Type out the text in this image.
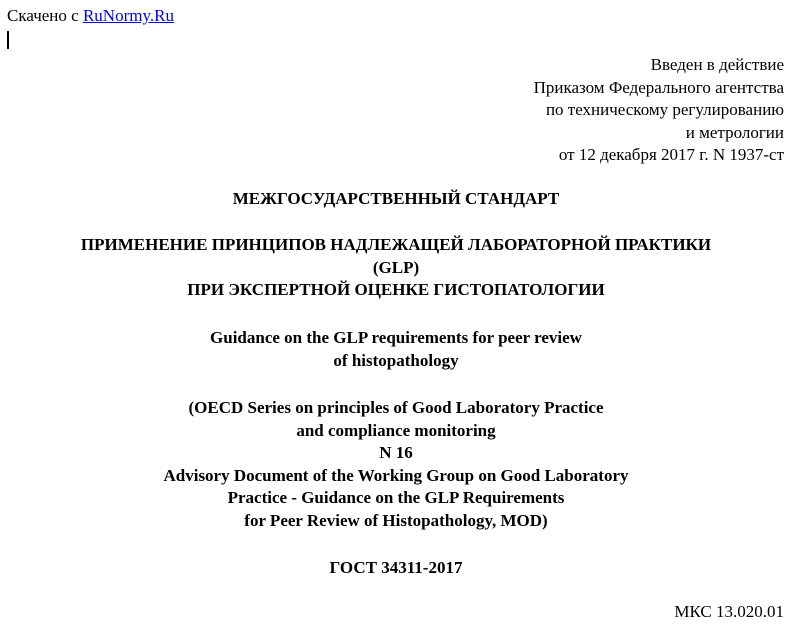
Скачено с RuNormy.Ru
Введен в действие
Приказом Федерального агентства
по техническому регулированию
и метрологии
от 12 декабря 2017 г. N 1937-ст
МЕЖГОСУДАРСТВЕННЫЙ СТАНДАРТ
ПРИМЕНЕНИЕ ПРИНЦИПОВ НАДЛЕЖАЩЕЙ ЛАБОРАТОРНОЙ ПРАКТИКИ
(GLP)
ПРИ ЭКСПЕРТНОЙ ОЦЕНКЕ ГИСТОПАТОЛОГИИ
Guidance on the GLP requirements for peer review
of histopathology
(OECD Series on principles of Good Laboratory Practice
and compliance monitoring
N 16
Advisory Document of the Working Group on Good Laboratory
Practice - Guidance on the GLP Requirements
for Peer Review of Histopathology, MOD)
ГОСТ 34311-2017
МКС 13.020.01
